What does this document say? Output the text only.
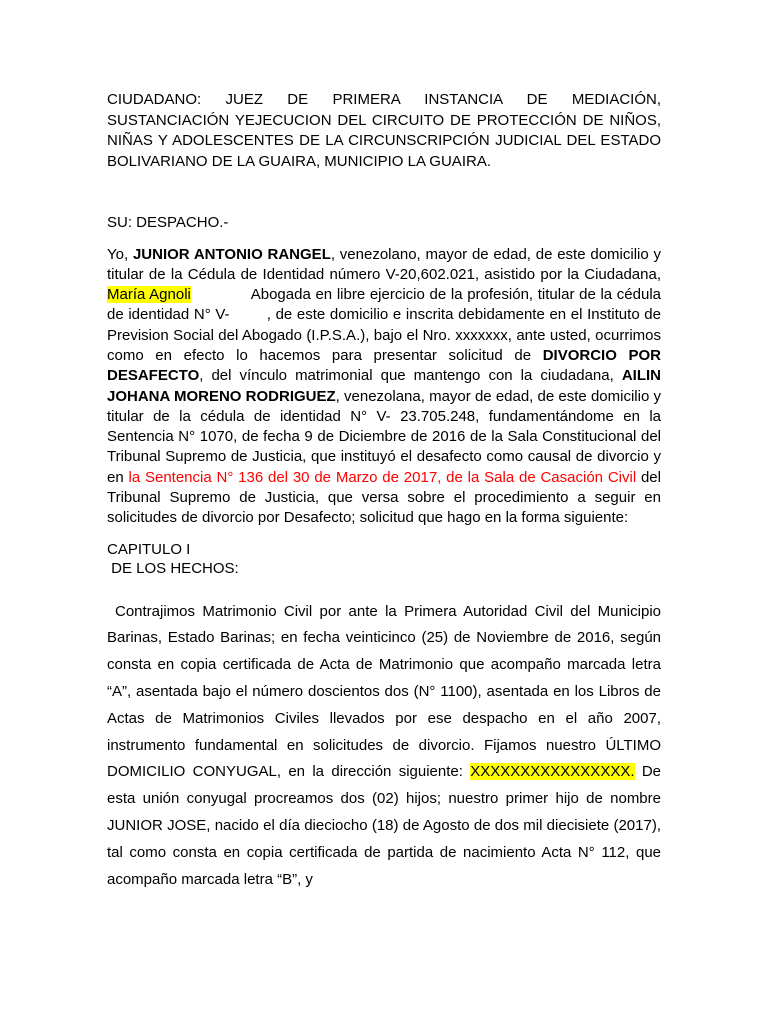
CIUDADANO: JUEZ DE PRIMERA INSTANCIA DE MEDIACIÓN, SUSTANCIACIÓN YEJECUCION DEL CIRCUITO DE PROTECCIÓN DE NIÑOS, NIÑAS Y ADOLESCENTES DE LA CIRCUNSCRIPCIÓN JUDICIAL DEL ESTADO BOLIVARIANO DE LA GUAIRA, MUNICIPIO LA GUAIRA.

SU: DESPACHO.-

Yo, JUNIOR ANTONIO RANGEL, venezolano, mayor de edad, de este domicilio y titular de la Cédula de Identidad número V-20,602.021, asistido por la Ciudadana, María Agnoli             Abogada en libre ejercicio de la profesión, titular de la cédula de identidad N° V-        , de este domicilio e inscrita debidamente en el Instituto de Prevision Social del Abogado (I.P.S.A.), bajo el Nro. xxxxxxx, ante usted, ocurrimos como en efecto lo hacemos para presentar solicitud de DIVORCIO POR DESAFECTO, del vínculo matrimonial que mantengo con la ciudadana, AILIN JOHANA MORENO RODRIGUEZ, venezolana, mayor de edad, de este domicilio y titular de la cédula de identidad N° V- 23.705.248, fundamentándome en la Sentencia N° 1070, de fecha 9 de Diciembre de 2016 de la Sala Constitucional del Tribunal Supremo de Justicia, que instituyó el desafecto como causal de divorcio y en la Sentencia N° 136 del 30 de Marzo de 2017, de la Sala de Casación Civil del Tribunal Supremo de Justicia, que versa sobre el procedimiento a seguir en solicitudes de divorcio por Desafecto; solicitud que hago en la forma siguiente:

CAPITULO I

DE LOS HECHOS:

Contrajimos Matrimonio Civil por ante la Primera Autoridad Civil del Municipio Barinas, Estado Barinas; en fecha veinticinco (25) de Noviembre de 2016, según consta en copia certificada de Acta de Matrimonio que acompaño marcada letra “A”, asentada bajo el número doscientos dos (N° 1100), asentada en los Libros de Actas de Matrimonios Civiles llevados por ese despacho en el año 2007, instrumento fundamental en solicitudes de divorcio. Fijamos nuestro ÚLTIMO DOMICILIO CONYUGAL, en la dirección siguiente: XXXXXXXXXXXXXXXX. De esta unión conyugal procreamos dos (02) hijos; nuestro primer hijo de nombre JUNIOR JOSE, nacido el día dieciocho (18) de Agosto de dos mil diecisiete (2017), tal como consta en copia certificada de partida de nacimiento Acta N° 112, que acompaño marcada letra “B”, y
